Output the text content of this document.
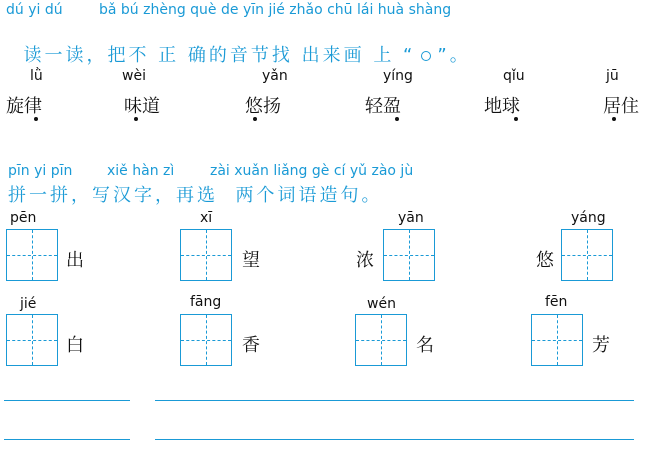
dú yi dú	bǎ bú zhèng què de yīn jié zhǎo chū lái huà shàng

读一读，把不 正 确的音节找 出来画 上 “ ”。

lǜ
旋律
wèi
味道
yǎn
悠扬
yíng
轻盈
qǐu
地球
jū
居住
pīn yi pīn xiě hàn zì	zài xuǎn liǎng gè cí yǔ zào jù
拼一拼，写汉字，再选  两个词语造句。
pēn
出
xī
望
yān
浓
yáng
悠
jié
白
fāng
香
wén
名
fēn
芳
